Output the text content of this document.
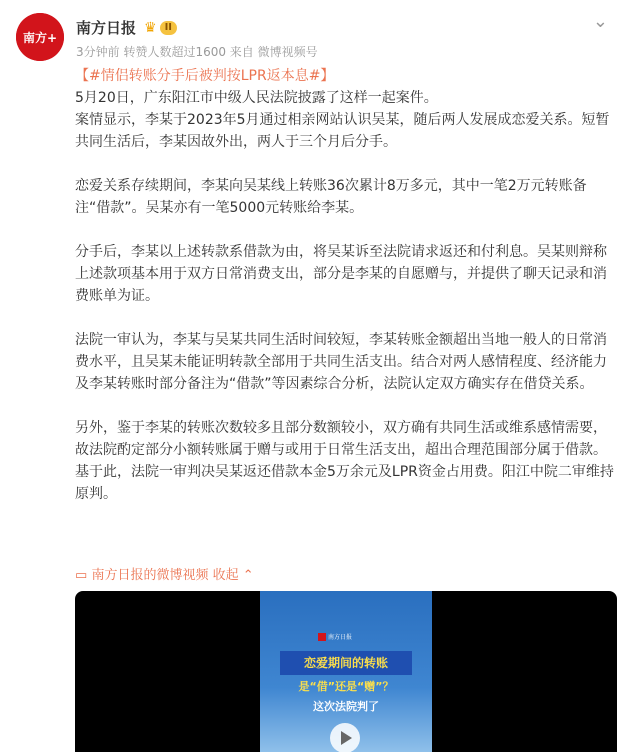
南方+
南方日报 ♛ II
3分钟前 转赞人数超过1600 来自 微博视频号
⌄

【#情侣转账分手后被判按LPR返本息#】

5月20日，广东阳江市中级人民法院披露了这样一起案件。

案情显示，李某于2023年5月通过相亲网站认识吴某，随后两人发展成恋爱关系。短暂共同生活后，李某因故外出，两人于三个月后分手。

恋爱关系存续期间，李某向吴某线上转账36次累计8万多元，其中一笔2万元转账备注“借款”。吴某亦有一笔5000元转账给李某。

分手后，李某以上述转款系借款为由，将吴某诉至法院请求返还和付利息。吴某则辩称上述款项基本用于双方日常消费支出，部分是李某的自愿赠与，并提供了聊天记录和消费账单为证。

法院一审认为，李某与吴某共同生活时间较短，李某转账金额超出当地一般人的日常消费水平，且吴某未能证明转款全部用于共同生活支出。结合对两人感情程度、经济能力及李某转账时部分备注为“借款”等因素综合分析，法院认定双方确实存在借贷关系。

另外，鉴于李某的转账次数较多且部分数额较小，双方确有共同生活或维系感情需要，故法院酌定部分小额转账属于赠与或用于日常生活支出，超出合理范围部分属于借款。基于此，法院一审判决吴某返还借款本金5万余元及LPR资金占用费。阳江中院二审维持原判。

▭ 南方日报的微博视频 收起 ⌃
南方日报
恋爱期间的转账
是“借”还是“赠”？
这次法院判了
